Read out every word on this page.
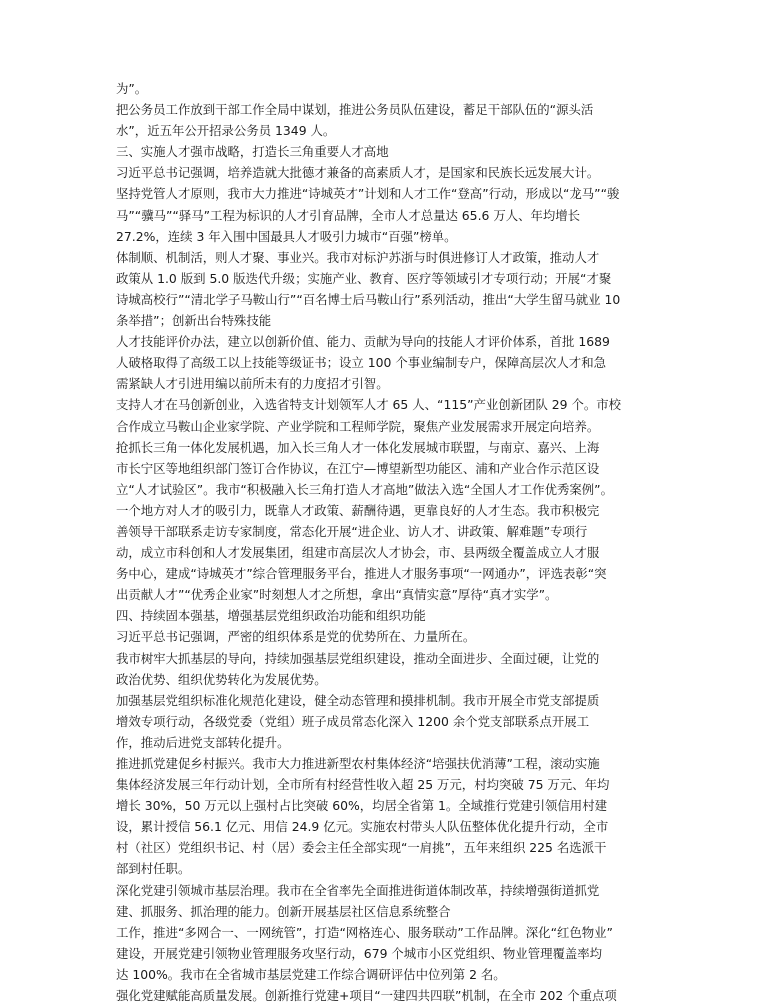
为”。

把公务员工作放到干部工作全局中谋划，推进公务员队伍建设，蓄足干部队伍的“源头活

水”，近五年公开招录公务员 1349 人。

三、实施人才强市战略，打造长三角重要人才高地

习近平总书记强调，培养造就大批德才兼备的高素质人才，是国家和民族长远发展大计。

坚持党管人才原则，我市大力推进“诗城英才”计划和人才工作“登高”行动，形成以“龙马”“骏

马”“骥马”“驿马”工程为标识的人才引育品牌，全市人才总量达 65.6 万人、年均增长

27.2%，连续 3 年入围中国最具人才吸引力城市“百强”榜单。

体制顺、机制活，则人才聚、事业兴。我市对标沪苏浙与时俱进修订人才政策，推动人才

政策从 1.0 版到 5.0 版迭代升级；实施产业、教育、医疗等领域引才专项行动；开展“才聚

诗城高校行”“清北学子马鞍山行”“百名博士后马鞍山行”系列活动，推出“大学生留马就业 10

条举措”；创新出台特殊技能

人才技能评价办法，建立以创新价值、能力、贡献为导向的技能人才评价体系，首批 1689

人破格取得了高级工以上技能等级证书；设立 100 个事业编制专户，保障高层次人才和急

需紧缺人才引进用编以前所未有的力度招才引智。

支持人才在马创新创业，入选省特支计划领军人才 65 人、“115”产业创新团队 29 个。市校

合作成立马鞍山企业家学院、产业学院和工程师学院，聚焦产业发展需求开展定向培养。

抢抓长三角一体化发展机遇，加入长三角人才一体化发展城市联盟，与南京、嘉兴、上海

市长宁区等地组织部门签订合作协议，在江宁—博望新型功能区、浦和产业合作示范区设

立“人才试验区”。我市“积极融入长三角打造人才高地”做法入选“全国人才工作优秀案例”。

一个地方对人才的吸引力，既靠人才政策、薪酬待遇，更靠良好的人才生态。我市积极完

善领导干部联系走访专家制度，常态化开展“进企业、访人才、讲政策、解难题”专项行

动，成立市科创和人才发展集团，组建市高层次人才协会，市、县两级全覆盖成立人才服

务中心，建成“诗城英才”综合管理服务平台，推进人才服务事项“一网通办”，评选表彰“突

出贡献人才”“优秀企业家”时刻想人才之所想，拿出“真情实意”厚待“真才实学”。

四、持续固本强基，增强基层党组织政治功能和组织功能

习近平总书记强调，严密的组织体系是党的优势所在、力量所在。

我市树牢大抓基层的导向，持续加强基层党组织建设，推动全面进步、全面过硬，让党的

政治优势、组织优势转化为发展优势。

加强基层党组织标准化规范化建设，健全动态管理和摸排机制。我市开展全市党支部提质

增效专项行动，各级党委（党组）班子成员常态化深入 1200 余个党支部联系点开展工

作，推动后进党支部转化提升。

推进抓党建促乡村振兴。我市大力推进新型农村集体经济“培强扶优消薄”工程，滚动实施

集体经济发展三年行动计划，全市所有村经营性收入超 25 万元，村均突破 75 万元、年均

增长 30%，50 万元以上强村占比突破 60%，均居全省第 1。全域推行党建引领信用村建

设，累计授信 56.1 亿元、用信 24.9 亿元。实施农村带头人队伍整体优化提升行动，全市

村（社区）党组织书记、村（居）委会主任全部实现“一肩挑”，五年来组织 225 名选派干

部到村任职。

深化党建引领城市基层治理。我市在全省率先全面推进街道体制改革，持续增强街道抓党

建、抓服务、抓治理的能力。创新开展基层社区信息系统整合

工作，推进“多网合一、一网统管”，打造“网格连心、服务联动”工作品牌。深化“红色物业”

建设，开展党建引领物业管理服务攻坚行动，679 个城市小区党组织、物业管理覆盖率均

达 100%。我市在全省城市基层党建工作综合调研评估中位列第 2 名。

强化党建赋能高质量发展。创新推行党建+项目“一建四共四联”机制，在全市 202 个重点项
